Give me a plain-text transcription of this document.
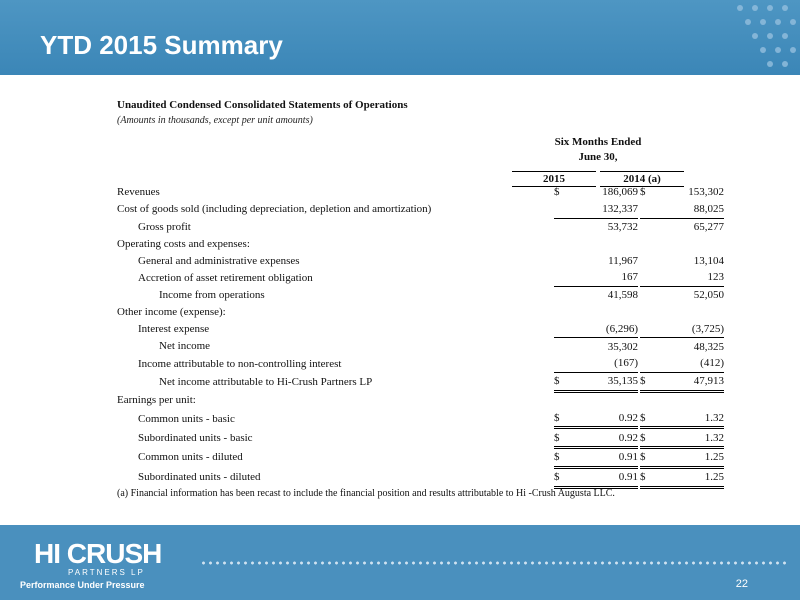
YTD 2015 Summary
Unaudited Condensed Consolidated Statements of Operations
(Amounts in thousands, except per unit amounts)
Six Months Ended
June 30,
2015	2014 (a)
Revenues	$	186,069		$	153,302
Cost of goods sold (including depreciation, depletion and amortization)		132,337			88,025
Gross profit		53,732			65,277
Operating costs and expenses:					
General and administrative expenses		11,967			13,104
Accretion of asset retirement obligation		167			123
Income from operations		41,598			52,050
Other income (expense):					
Interest expense		(6,296)			(3,725)
Net income		35,302			48,325
Income attributable to non-controlling interest		(167)			(412)
Net income attributable to Hi-Crush Partners LP	$	35,135		$	47,913
Earnings per unit:					
Common units - basic	$	0.92		$	1.32
Subordinated units - basic	$	0.92		$	1.32
Common units - diluted	$	0.91		$	1.25
Subordinated units - diluted	$	0.91		$	1.25
(a) Financial information has been recast to include the financial position and results attributable to Hi -Crush Augusta LLC.
HI CRUSH
PARTNERS LP
Performance Under Pressure	22
